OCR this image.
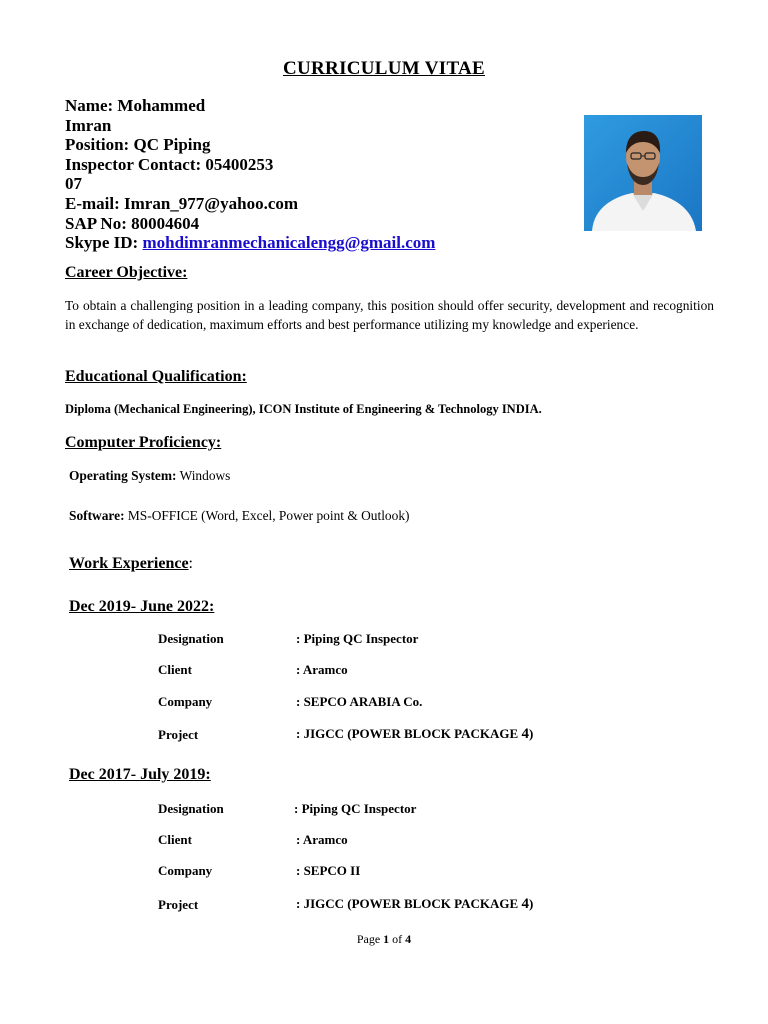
CURRICULUM VITAE
Name: Mohammed
Imran
Position: QC Piping
Inspector Contact: 05400253
07
E-mail: Imran_977@yahoo.com
SAP No: 80004604
Skype ID: mohdimranmechanicalengg@gmail.com
Career Objective:
To obtain a challenging position in a leading company, this position should offer security, development and recognition in exchange of dedication, maximum efforts and best performance utilizing my knowledge and experience.
Educational Qualification:
Diploma (Mechanical Engineering), ICON Institute of Engineering & Technology INDIA.
Computer Proficiency:
Operating System: Windows
Software: MS-OFFICE (Word, Excel, Power point & Outlook)
Work Experience:
Dec 2019- June 2022:
Designation	: Piping QC Inspector
Client	: Aramco
Company	: SEPCO ARABIA Co.
Project	: JIGCC (POWER BLOCK PACKAGE 4)
Dec 2017- July 2019:
Designation	: Piping QC Inspector
Client	: Aramco
Company	: SEPCO II
Project	: JIGCC (POWER BLOCK PACKAGE 4)
Page 1 of 4
